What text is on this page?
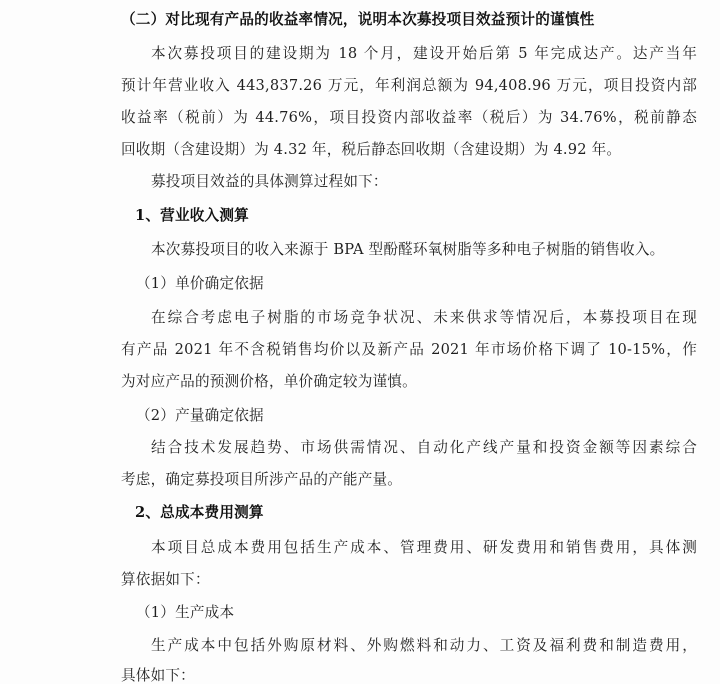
（二）对比现有产品的收益率情况，说明本次募投项目效益预计的谨慎性
本次募投项目的建设期为 18 个月，建设开始后第 5 年完成达产。达产当年
预计年营业收入 443,837.26 万元，年利润总额为 94,408.96 万元，项目投资内部
收益率（税前）为 44.76%，项目投资内部收益率（税后）为 34.76%，税前静态
回收期（含建设期）为 4.32 年，税后静态回收期（含建设期）为 4.92 年。
募投项目效益的具体测算过程如下：
1、营业收入测算
本次募投项目的收入来源于 BPA 型酚醛环氧树脂等多种电子树脂的销售收入。
（1）单价确定依据
在综合考虑电子树脂的市场竞争状况、未来供求等情况后，本募投项目在现
有产品 2021 年不含税销售均价以及新产品 2021 年市场价格下调了 10-15%，作
为对应产品的预测价格，单价确定较为谨慎。
（2）产量确定依据
结合技术发展趋势、市场供需情况、自动化产线产量和投资金额等因素综合
考虑，确定募投项目所涉产品的产能产量。
2、总成本费用测算
本项目总成本费用包括生产成本、管理费用、研发费用和销售费用，具体测
算依据如下：
（1）生产成本
生产成本中包括外购原材料、外购燃料和动力、工资及福利费和制造费用，
具体如下：
